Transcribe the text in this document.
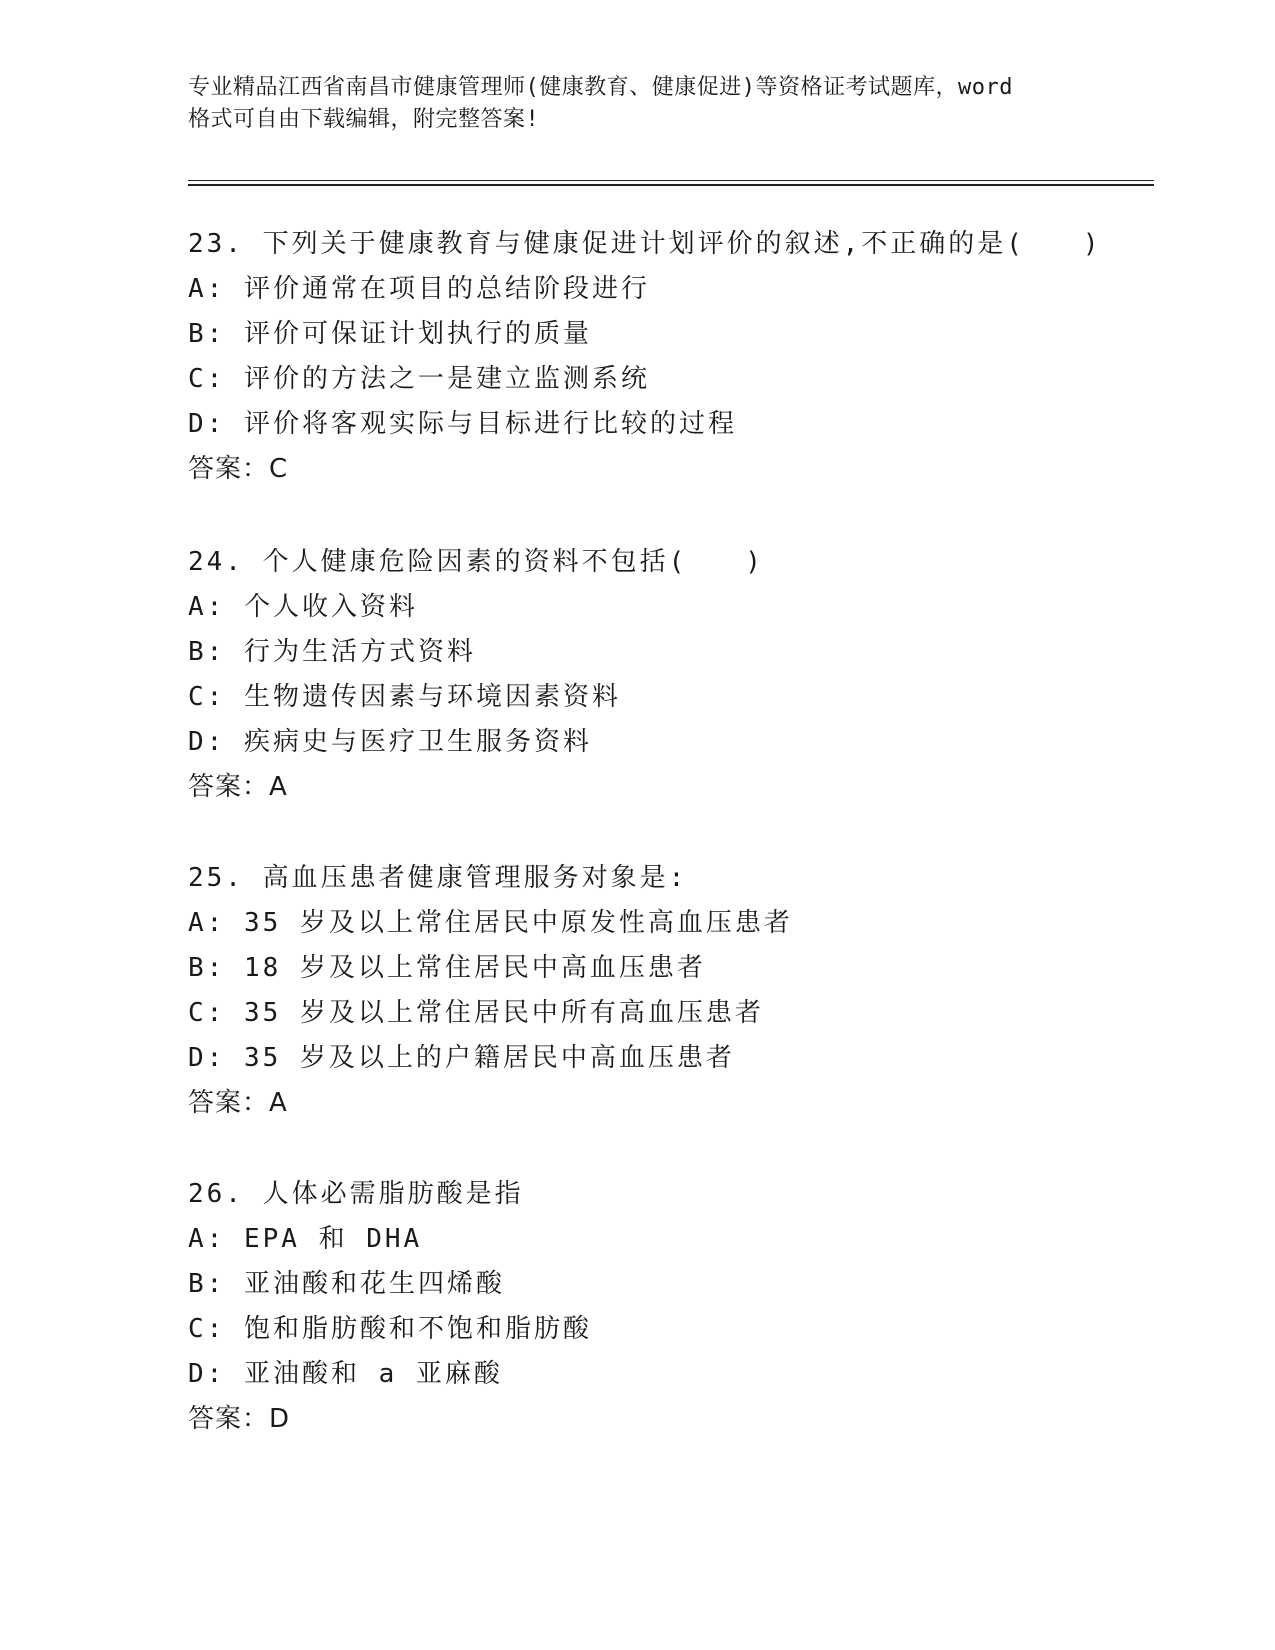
专业精品江西省南昌市健康管理师(健康教育、健康促进)等资格证考试题库，word
格式可自由下载编辑，附完整答案!
23. 下列关于健康教育与健康促进计划评价的叙述,不正确的是(　　)
A: 评价通常在项目的总结阶段进行
B: 评价可保证计划执行的质量
C: 评价的方法之一是建立监测系统
D: 评价将客观实际与目标进行比较的过程
答案：C
24. 个人健康危险因素的资料不包括(　　)
A: 个人收入资料
B: 行为生活方式资料
C: 生物遗传因素与环境因素资料
D: 疾病史与医疗卫生服务资料
答案：A
25. 高血压患者健康管理服务对象是:
A: 35 岁及以上常住居民中原发性高血压患者
B: 18 岁及以上常住居民中高血压患者
C: 35 岁及以上常住居民中所有高血压患者
D: 35 岁及以上的户籍居民中高血压患者
答案：A
26. 人体必需脂肪酸是指
A: EPA 和 DHA
B: 亚油酸和花生四烯酸
C: 饱和脂肪酸和不饱和脂肪酸
D: 亚油酸和 a 亚麻酸
答案：D
